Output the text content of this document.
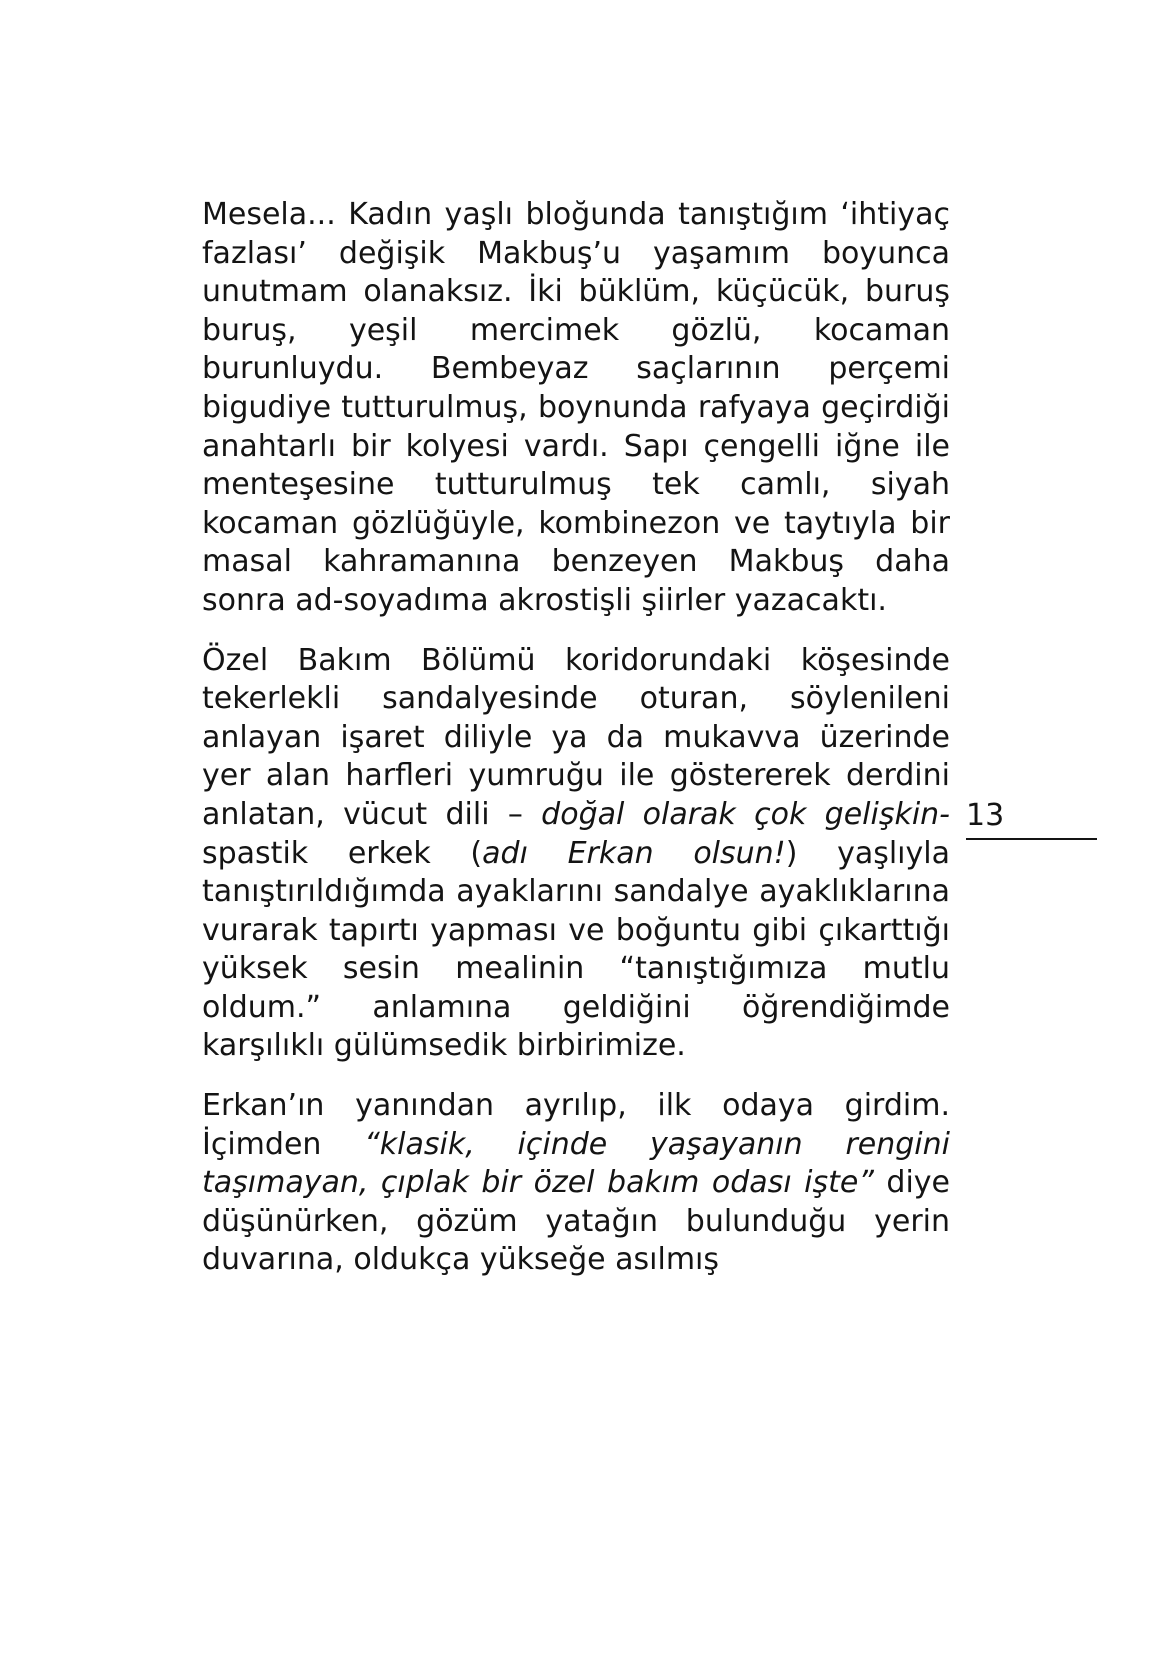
Mesela... Kadın yaşlı bloğunda tanıştığım ‘ihtiyaç fazlası’ değişik Makbuş’u yaşamım boyunca unutmam olanaksız. İki büklüm, küçücük, buruş buruş, yeşil mercimek gözlü, kocaman burunluydu. Bembeyaz saçlarının perçemi bigudiye tutturulmuş, boynunda rafyaya geçirdiği anahtarlı bir kolyesi vardı. Sapı çengelli iğne ile menteşesine tutturulmuş tek camlı, siyah kocaman gözlüğüyle, kombinezon ve taytıyla bir masal kahramanına benzeyen Makbuş daha sonra ad-soyadıma akrostişli şiirler yazacaktı.

Özel Bakım Bölümü koridorundaki köşesinde tekerlekli sandalyesinde oturan, söylenileni anlayan işaret diliyle ya da mukavva üzerinde yer alan harfleri yumruğu ile göstererek derdini anlatan, vücut dili – doğal olarak çok gelişkin- spastik erkek (adı Erkan olsun!) yaşlıyla tanıştırıldığımda ayaklarını sandalye ayaklıklarına vurarak tapırtı yapması ve boğuntu gibi çıkarttığı yüksek sesin mealinin “tanıştığımıza mutlu oldum.” anlamına geldiğini öğrendiğimde karşılıklı gülümsedik birbirimize.

Erkan’ın yanından ayrılıp, ilk odaya girdim. İçimden “klasik, içinde yaşayanın rengini taşımayan, çıplak bir özel bakım odası işte” diye düşünürken, gözüm yatağın bulunduğu yerin duvarına, oldukça yükseğe asılmış

13
